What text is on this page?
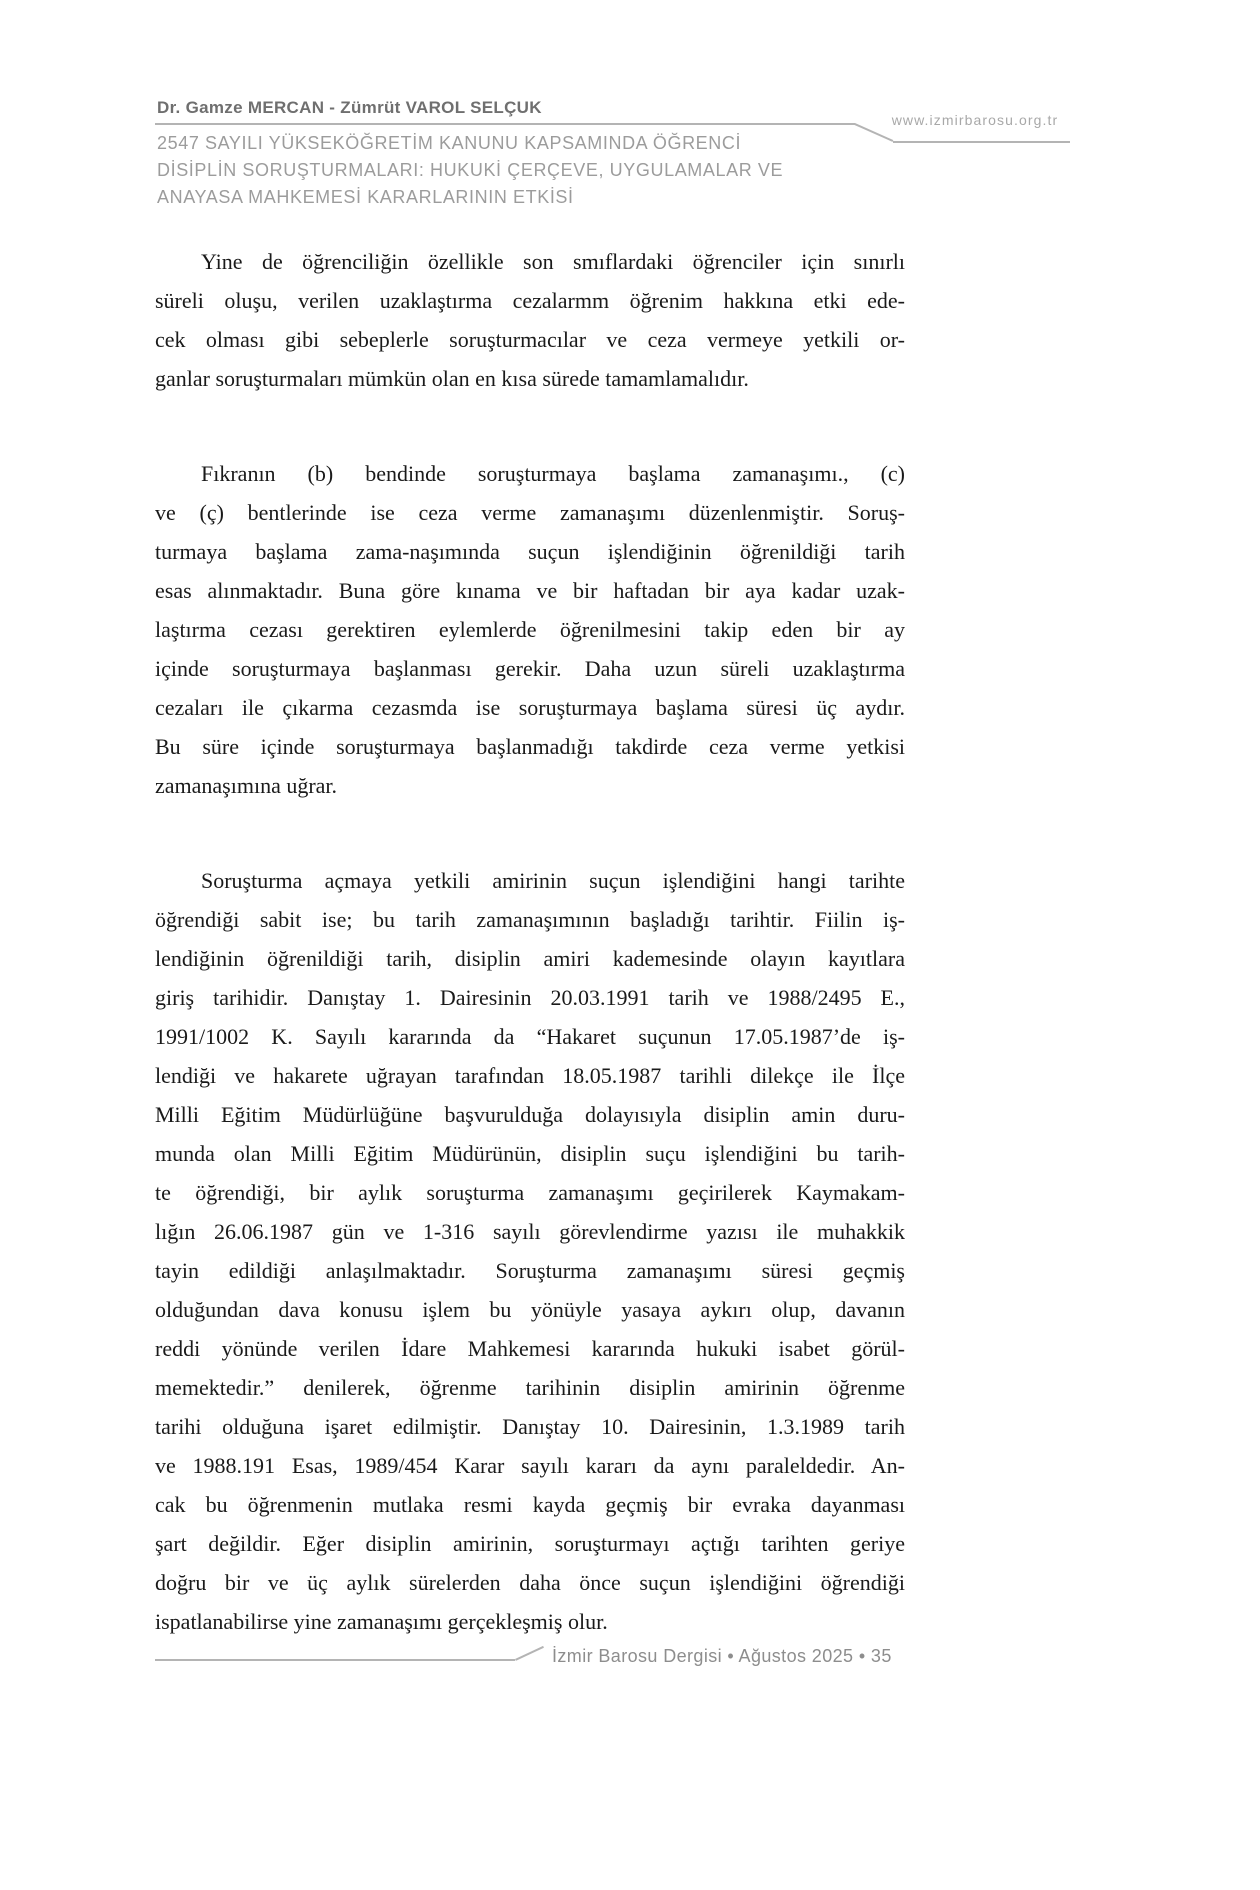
Dr. Gamze MERCAN - Zümrüt VAROL SELÇUK
www.izmirbarosu.org.tr
2547 SAYILI YÜKSEKÖĞRETİM KANUNU KAPSAMINDA ÖĞRENCİ
DİSİPLİN SORUŞTURMALARI: HUKUKİ ÇERÇEVE, UYGULAMALAR VE
ANAYASA MAHKEMESİ KARARLARININ ETKİSİ
Yine de öğrenciliğin özellikle son smıflardaki öğrenciler için sınırlı
süreli oluşu, verilen uzaklaştırma cezalarmm öğrenim hakkına etki ede-
cek olması gibi sebeplerle soruşturmacılar ve ceza vermeye yetkili or-
ganlar soruşturmaları mümkün olan en kısa sürede tamamlamalıdır.
Fıkranın (b) bendinde soruşturmaya başlama zamanaşımı., (c)
ve (ç) bentlerinde ise ceza verme zamanaşımı düzenlenmiştir. Soruş-
turmaya başlama zama-naşımında suçun işlendiğinin öğrenildiği tarih
esas alınmaktadır. Buna göre kınama ve bir haftadan bir aya kadar uzak-
laştırma cezası gerektiren eylemlerde öğrenilmesini takip eden bir ay
içinde soruşturmaya başlanması gerekir. Daha uzun süreli uzaklaştırma
cezaları ile çıkarma cezasmda ise soruşturmaya başlama süresi üç aydır.
Bu süre içinde soruşturmaya başlanmadığı takdirde ceza verme yetkisi
zamanaşımına uğrar.
Soruşturma açmaya yetkili amirinin suçun işlendiğini hangi tarihte
öğrendiği sabit ise; bu tarih zamanaşımının başladığı tarihtir. Fiilin iş-
lendiğinin öğrenildiği tarih, disiplin amiri kademesinde olayın kayıtlara
giriş tarihidir. Danıştay 1. Dairesinin 20.03.1991 tarih ve 1988/2495 E.,
1991/1002 K. Sayılı kararında da “Hakaret suçunun 17.05.1987’de iş-
lendiği ve hakarete uğrayan tarafından 18.05.1987 tarihli dilekçe ile İlçe
Milli Eğitim Müdürlüğüne başvurulduğa dolayısıyla disiplin amin duru-
munda olan Milli Eğitim Müdürünün, disiplin suçu işlendiğini bu tarih-
te öğrendiği, bir aylık soruşturma zamanaşımı geçirilerek Kaymakam-
lığın 26.06.1987 gün ve 1-316 sayılı görevlendirme yazısı ile muhakkik
tayin edildiği anlaşılmaktadır. Soruşturma zamanaşımı süresi geçmiş
olduğundan dava konusu işlem bu yönüyle yasaya aykırı olup, davanın
reddi yönünde verilen İdare Mahkemesi kararında hukuki isabet görül-
memektedir.” denilerek, öğrenme tarihinin disiplin amirinin öğrenme
tarihi olduğuna işaret edilmiştir. Danıştay 10. Dairesinin, 1.3.1989 tarih
ve 1988.191 Esas, 1989/454 Karar sayılı kararı da aynı paraleldedir. An-
cak bu öğrenmenin mutlaka resmi kayda geçmiş bir evraka dayanması
şart değildir. Eğer disiplin amirinin, soruşturmayı açtığı tarihten geriye
doğru bir ve üç aylık sürelerden daha önce suçun işlendiğini öğrendiği
ispatlanabilirse yine zamanaşımı gerçekleşmiş olur.
İzmir Barosu Dergisi • Ağustos 2025 • 35
